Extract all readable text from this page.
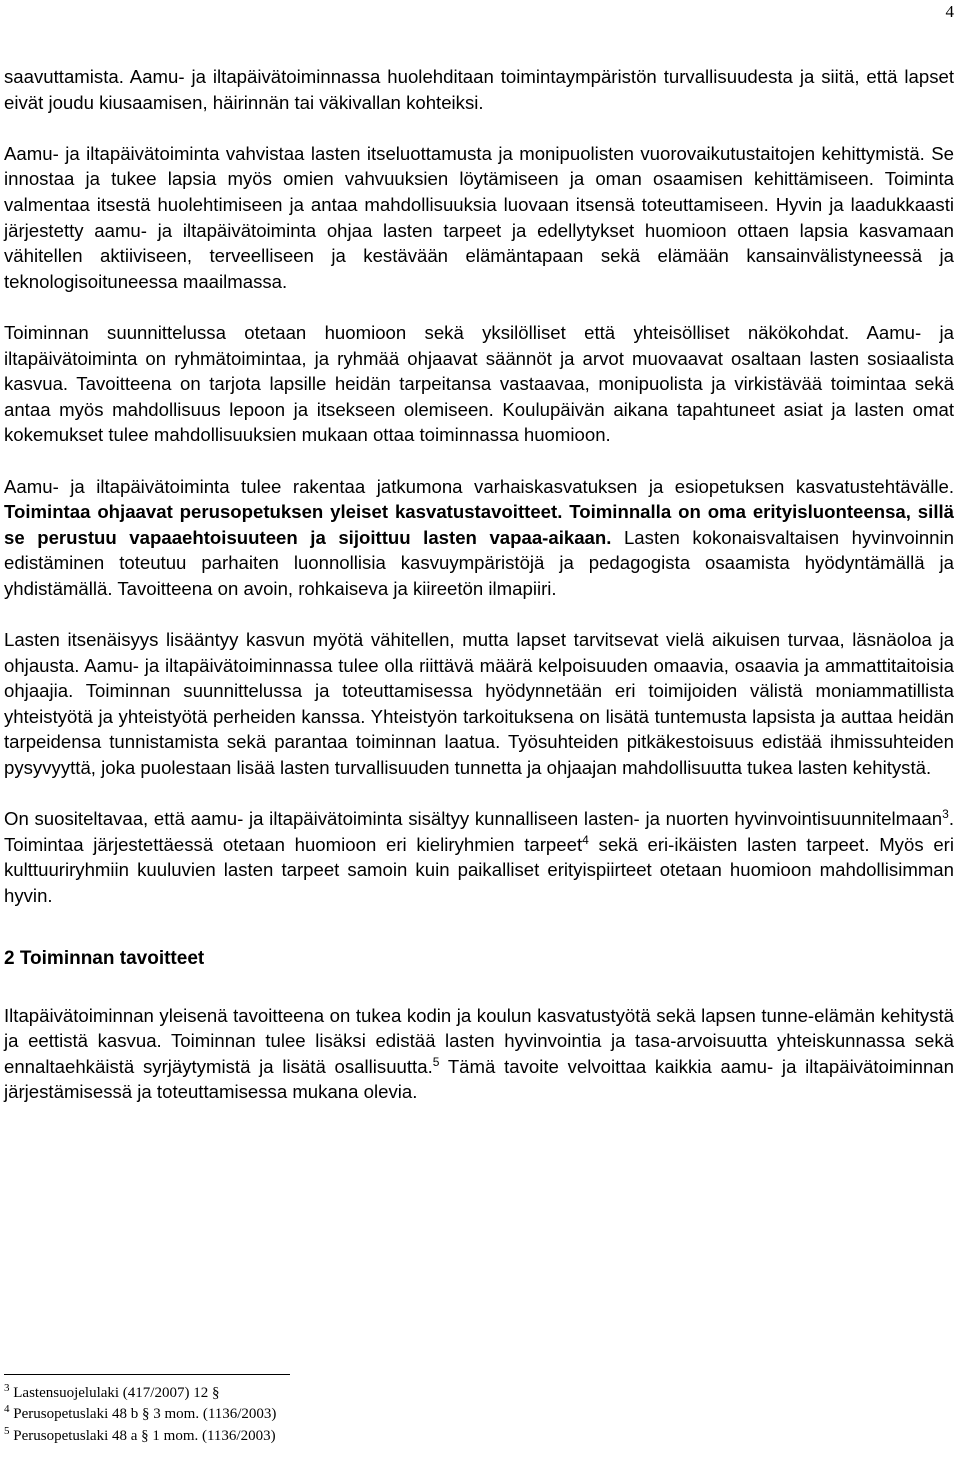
4

saavuttamista. Aamu- ja iltapäivätoiminnassa huolehditaan toimintaympäristön turvallisuudesta ja siitä, että lapset eivät joudu kiusaamisen, häirinnän tai väkivallan kohteiksi.

Aamu- ja iltapäivätoiminta vahvistaa lasten itseluottamusta ja monipuolisten vuorovaikutustaitojen kehittymistä. Se innostaa ja tukee lapsia myös omien vahvuuksien löytämiseen ja oman osaamisen kehittämiseen. Toiminta valmentaa itsestä huolehtimiseen ja antaa mahdollisuuksia luovaan itsensä toteuttamiseen. Hyvin ja laadukkaasti järjestetty aamu- ja iltapäivätoiminta ohjaa lasten tarpeet ja edellytykset huomioon ottaen lapsia kasvamaan vähitellen aktiiviseen, terveelliseen ja kestävään elämäntapaan sekä elämään kansainvälistyneessä ja teknologisoituneessa maailmassa.

Toiminnan suunnittelussa otetaan huomioon sekä yksilölliset että yhteisölliset näkökohdat. Aamu- ja iltapäivätoiminta on ryhmätoimintaa, ja ryhmää ohjaavat säännöt ja arvot muovaavat osaltaan lasten sosiaalista kasvua. Tavoitteena on tarjota lapsille heidän tarpeitansa vastaavaa, monipuolista ja virkistävää toimintaa sekä antaa myös mahdollisuus lepoon ja itsekseen olemiseen. Koulupäivän aikana tapahtuneet asiat ja lasten omat kokemukset tulee mahdollisuuksien mukaan ottaa toiminnassa huomioon.

Aamu- ja iltapäivätoiminta tulee rakentaa jatkumona varhaiskasvatuksen ja esiopetuksen kasvatustehtävälle. Toimintaa ohjaavat perusopetuksen yleiset kasvatustavoitteet. Toiminnalla on oma erityisluonteensa, sillä se perustuu vapaaehtoisuuteen ja sijoittuu lasten vapaa-aikaan. Lasten kokonaisvaltaisen hyvinvoinnin edistäminen toteutuu parhaiten luonnollisia kasvuympäristöjä ja pedagogista osaamista hyödyntämällä ja yhdistämällä. Tavoitteena on avoin, rohkaiseva ja kiireetön ilmapiiri.

Lasten itsenäisyys lisääntyy kasvun myötä vähitellen, mutta lapset tarvitsevat vielä aikuisen turvaa, läsnäoloa ja ohjausta. Aamu- ja iltapäivätoiminnassa tulee olla riittävä määrä kelpoisuuden omaavia, osaavia ja ammattitaitoisia ohjaajia. Toiminnan suunnittelussa ja toteuttamisessa hyödynnetään eri toimijoiden välistä moniammatillista yhteistyötä ja yhteistyötä perheiden kanssa. Yhteistyön tarkoituksena on lisätä tuntemusta lapsista ja auttaa heidän tarpeidensa tunnistamista sekä parantaa toiminnan laatua. Työsuhteiden pitkäkestoisuus edistää ihmissuhteiden pysyvyyttä, joka puolestaan lisää lasten turvallisuuden tunnetta ja ohjaajan mahdollisuutta tukea lasten kehitystä.

On suositeltavaa, että aamu- ja iltapäivätoiminta sisältyy kunnalliseen lasten- ja nuorten hyvinvointisuunnitelmaan$^3$. Toimintaa järjestettäessä otetaan huomioon eri kieliryhmien tarpeet$^4$ sekä eri-ikäisten lasten tarpeet. Myös eri kulttuuriryhmiin kuuluvien lasten tarpeet samoin kuin paikalliset erityispiirteet otetaan huomioon mahdollisimman hyvin.

2 Toiminnan tavoitteet

Iltapäivätoiminnan yleisenä tavoitteena on tukea kodin ja koulun kasvatustyötä sekä lapsen tunne-elämän kehitystä ja eettistä kasvua. Toiminnan tulee lisäksi edistää lasten hyvinvointia ja tasa-arvoisuutta yhteiskunnassa sekä ennaltaehkäistä syrjäytymistä ja lisätä osallisuutta.$^5$ Tämä tavoite velvoittaa kaikkia aamu- ja iltapäivätoiminnan järjestämisessä ja toteuttamisessa mukana olevia.

$^3$ Lastensuojelulaki (417/2007) 12 §
$^4$ Perusopetuslaki 48 b § 3 mom. (1136/2003)
$^5$ Perusopetuslaki 48 a § 1 mom. (1136/2003)
